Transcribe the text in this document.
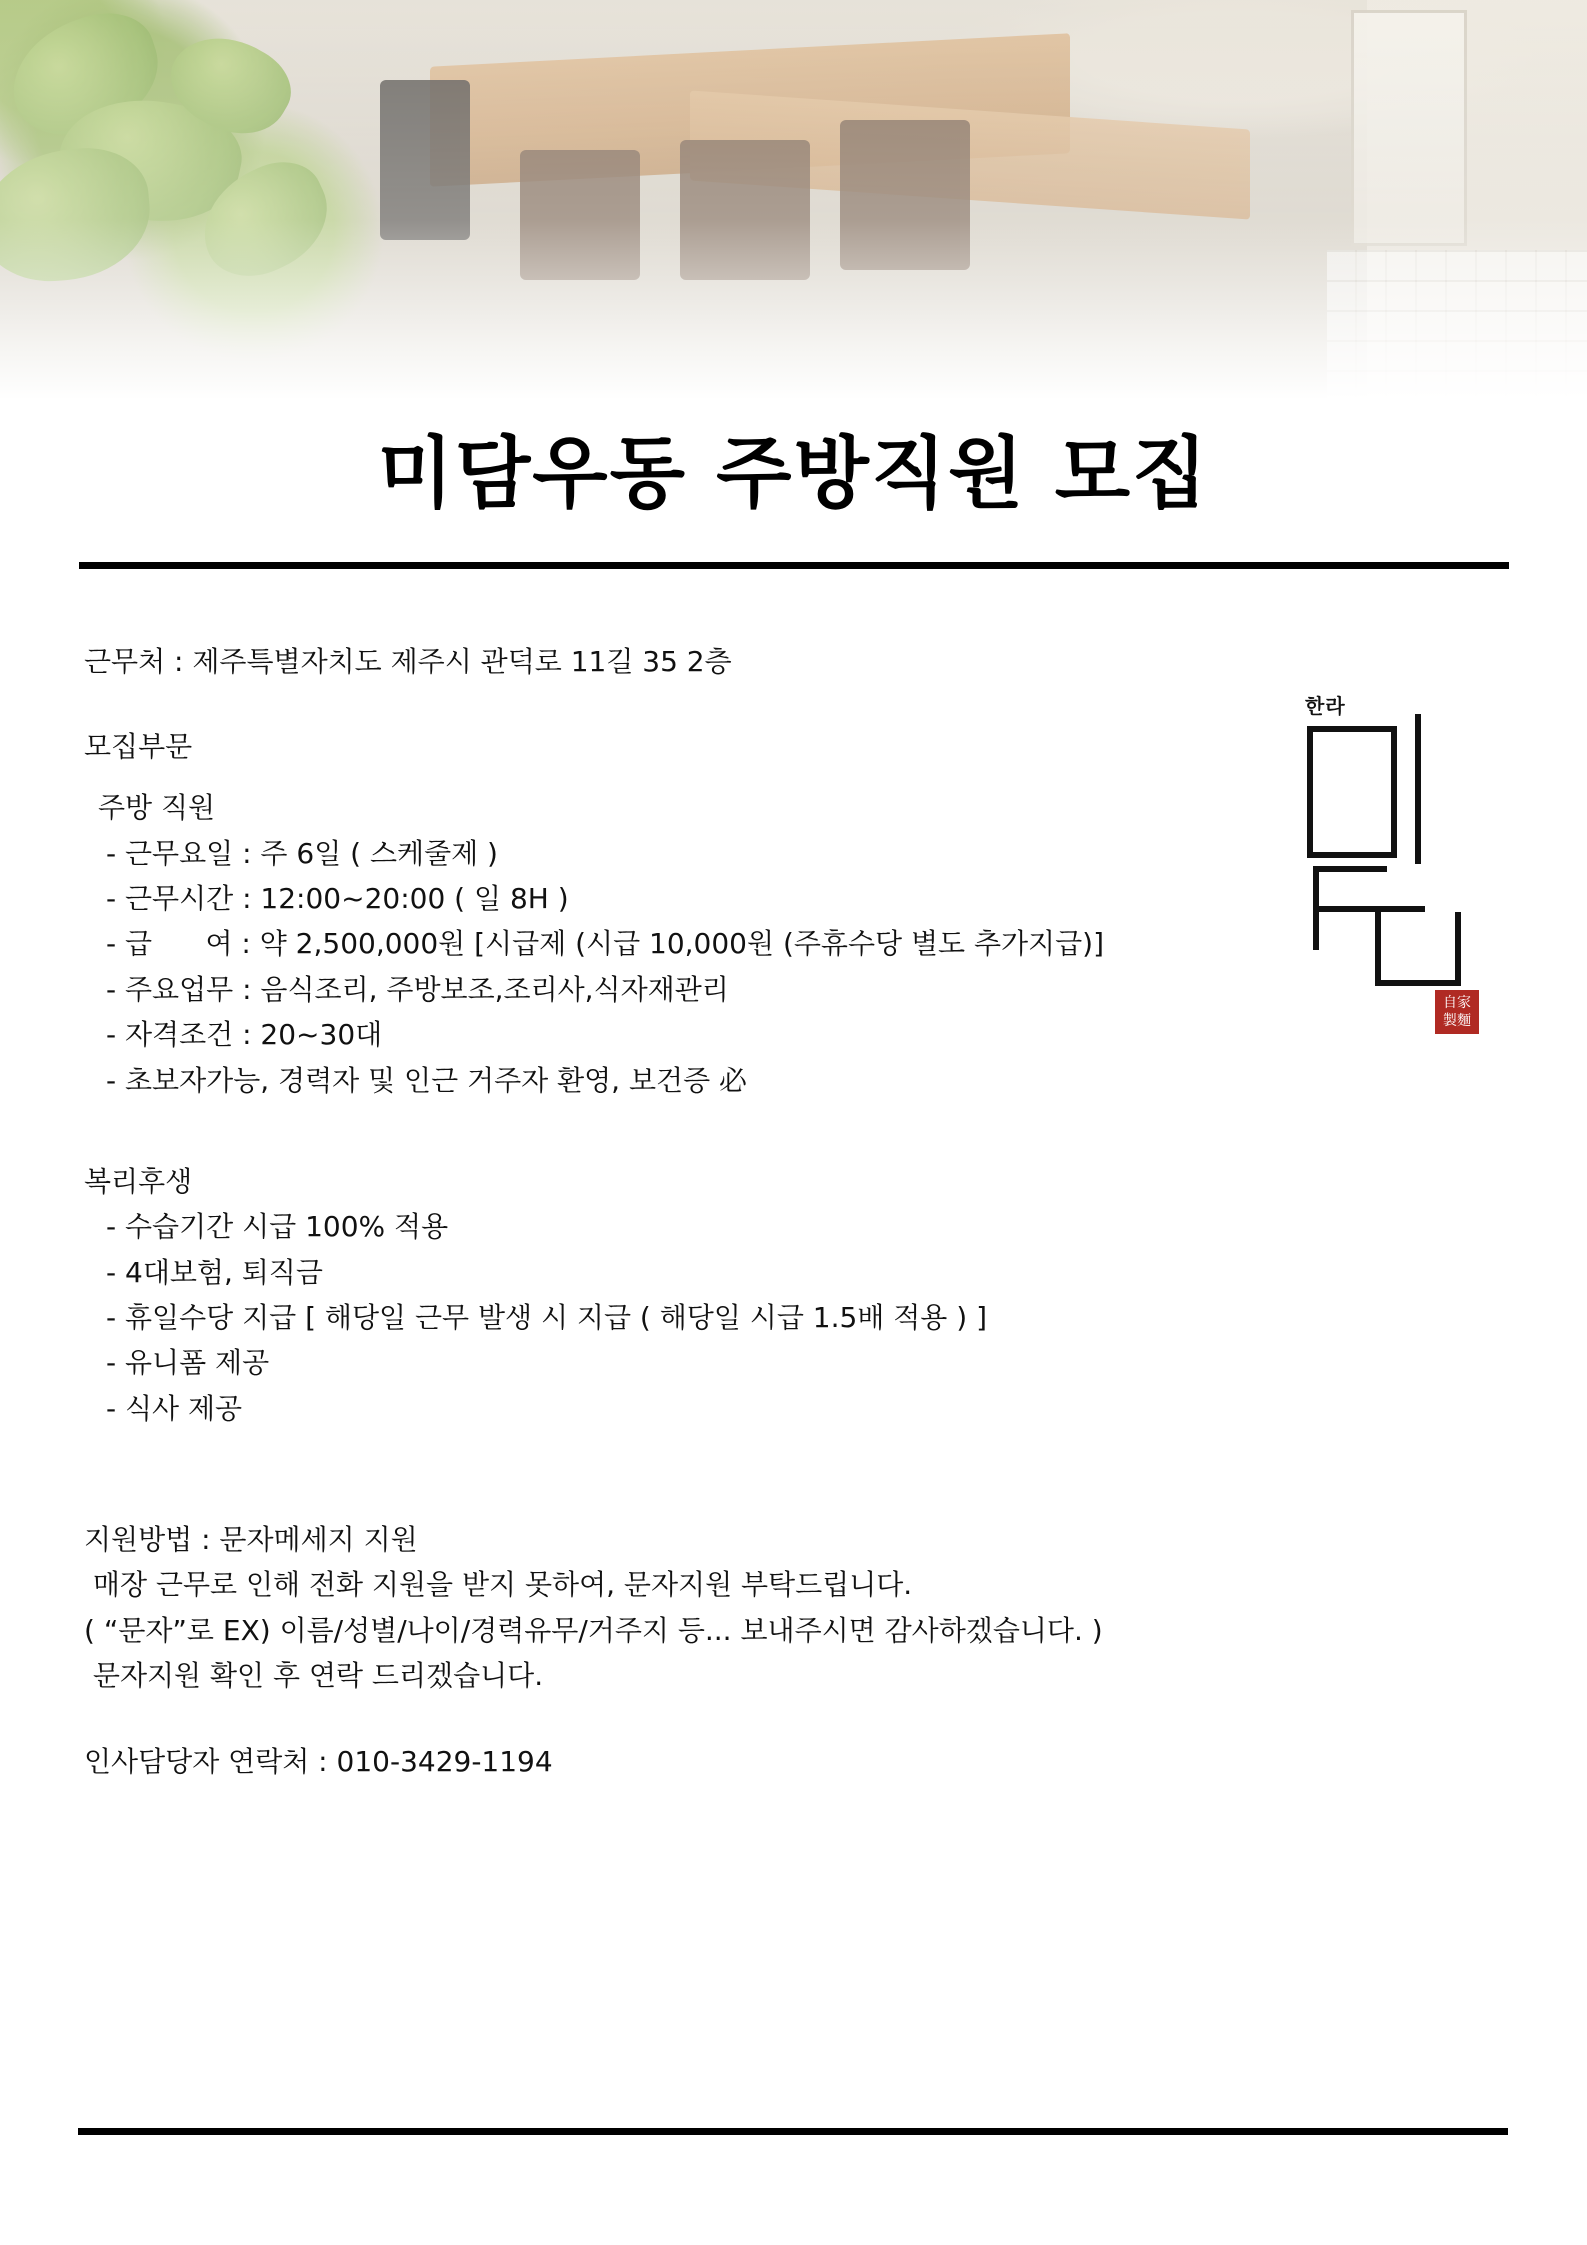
미담우동 주방직원 모집
한라
自家
製麵
근무처 : 제주특별자치도 제주시 관덕로 11길 35 2층
모집부문
주방 직원
- 근무요일 : 주 6일 ( 스케줄제 )
- 근무시간 : 12:00~20:00 ( 일 8H )
- 급      여 : 약 2,500,000원 [시급제 (시급 10,000원 (주휴수당 별도 추가지급)]
- 주요업무 : 음식조리, 주방보조,조리사,식자재관리
- 자격조건 : 20~30대
- 초보자가능, 경력자 및 인근 거주자 환영, 보건증 必
복리후생
- 수습기간 시급 100% 적용
- 4대보험, 퇴직금
- 휴일수당 지급 [ 해당일 근무 발생 시 지급 ( 해당일 시급 1.5배 적용 ) ]
- 유니폼 제공
- 식사 제공
지원방법 : 문자메세지 지원
매장 근무로 인해 전화 지원을 받지 못하여, 문자지원 부탁드립니다.
( “문자”로 EX) 이름/성별/나이/경력유무/거주지 등... 보내주시면 감사하겠습니다. )
문자지원 확인 후 연락 드리겠습니다.
인사담당자 연락처 : 010-3429-1194
